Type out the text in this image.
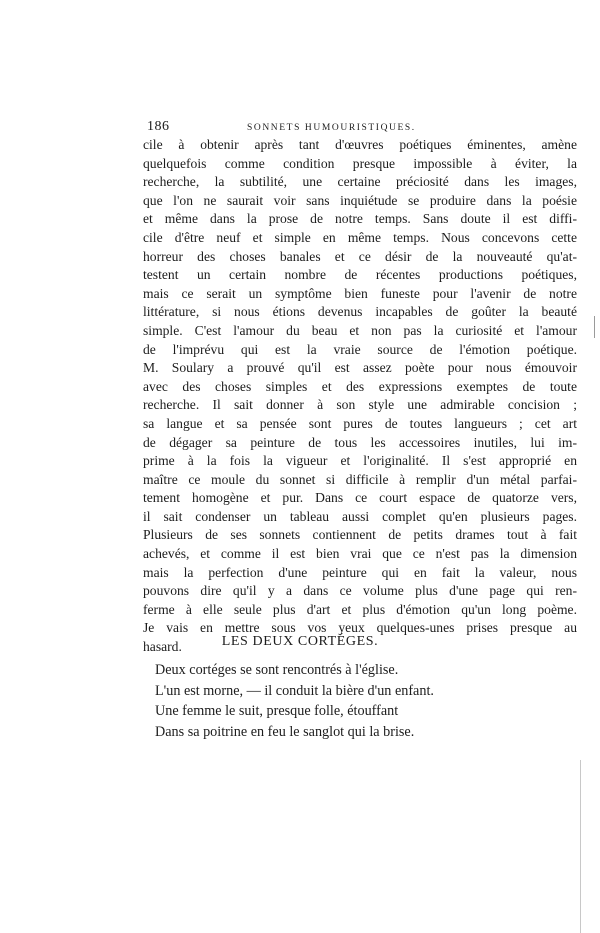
186	SONNETS HUMOURISTIQUES.
cile à obtenir après tant d'œuvres poétiques éminentes, amène
quelquefois comme condition presque impossible à éviter, la
recherche, la subtilité, une certaine préciosité dans les images,
que l'on ne saurait voir sans inquiétude se produire dans la poésie
et même dans la prose de notre temps. Sans doute il est diffi-
cile d'être neuf et simple en même temps. Nous concevons cette
horreur des choses banales et ce désir de la nouveauté qu'at-
testent un certain nombre de récentes productions poétiques,
mais ce serait un symptôme bien funeste pour l'avenir de notre
littérature, si nous étions devenus incapables de goûter la beauté
simple. C'est l'amour du beau et non pas la curiosité et l'amour
de l'imprévu qui est la vraie source de l'émotion poétique.
M. Soulary a prouvé qu'il est assez poète pour nous émouvoir
avec des choses simples et des expressions exemptes de toute
recherche. Il sait donner à son style une admirable concision ;
sa langue et sa pensée sont pures de toutes langueurs ; cet art
de dégager sa peinture de tous les accessoires inutiles, lui im-
prime à la fois la vigueur et l'originalité. Il s'est approprié en
maître ce moule du sonnet si difficile à remplir d'un métal parfai-
tement homogène et pur. Dans ce court espace de quatorze vers,
il sait condenser un tableau aussi complet qu'en plusieurs pages.
Plusieurs de ses sonnets contiennent de petits drames tout à fait
achevés, et comme il est bien vrai que ce n'est pas la dimension
mais la perfection d'une peinture qui en fait la valeur, nous
pouvons dire qu'il y a dans ce volume plus d'une page qui ren-
ferme à elle seule plus d'art et plus d'émotion qu'un long poème.
Je vais en mettre sous vos yeux quelques-unes prises presque au
hasard.	LES DEUX CORTÉGES.
Deux cortéges se sont rencontrés à l'église.
L'un est morne, — il conduit la bière d'un enfant.
Une femme le suit, presque folle, étouffant
Dans sa poitrine en feu le sanglot qui la brise.
